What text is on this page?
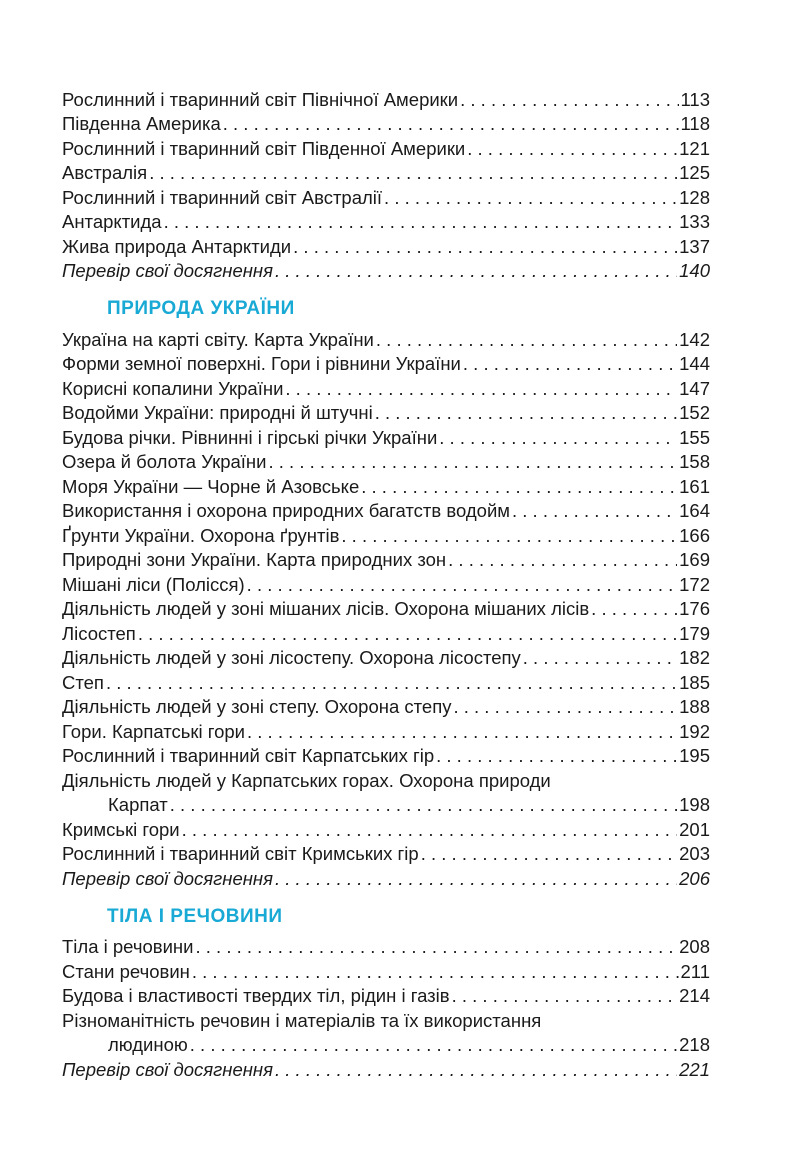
Рослинний і тваринний світ Північної Америки . . .	113
Південна Америка . . .	118
Рослинний і тваринний світ Південної Америки . . .	121
Австралія . . .	125
Рослинний і тваринний світ Австралії . . .	128
Антарктида . . .	133
Жива природа Антарктиди . . .	137
Перевір свої досягнення . . .	140
ПРИРОДА УКРАЇНИ
Україна на карті світу. Карта України . . .	142
Форми земної поверхні. Гори і рівнини України . . .	144
Корисні копалини України . . .	147
Водойми України: природні й штучні . . .	152
Будова річки. Рівнинні і гірські річки України . . .	155
Озера й болота України . . .	158
Моря України — Чорне й Азовське . . .	161
Використання і охорона природних багатств водойм . . .	164
Ґрунти України. Охорона ґрунтів . . .	166
Природні зони України. Карта природних зон . . .	169
Мішані ліси (Полісся) . . .	172
Діяльність людей у зоні мішаних лісів. Охорона мішаних лісів . . .	176
Лісостеп . . .	179
Діяльність людей у зоні лісостепу. Охорона лісостепу . . .	182
Степ . . .	185
Діяльність людей у зоні степу. Охорона степу . . .	188
Гори. Карпатські гори . . .	192
Рослинний і тваринний світ Карпатських гір . . .	195
Діяльність людей у Карпатських горах. Охорона природи
Карпат . . .	198
Кримські гори . . .	201
Рослинний і тваринний світ Кримських гір . . .	203
Перевір свої досягнення . . .	206
ТІЛА І РЕЧОВИНИ
Тіла і речовини . . .	208
Стани речовин . . .	211
Будова і властивості твердих тіл, рідин і газів . . .	214
Різноманітність речовин і матеріалів та їх використання
людиною . . .	218
Перевір свої досягнення . . .	221
